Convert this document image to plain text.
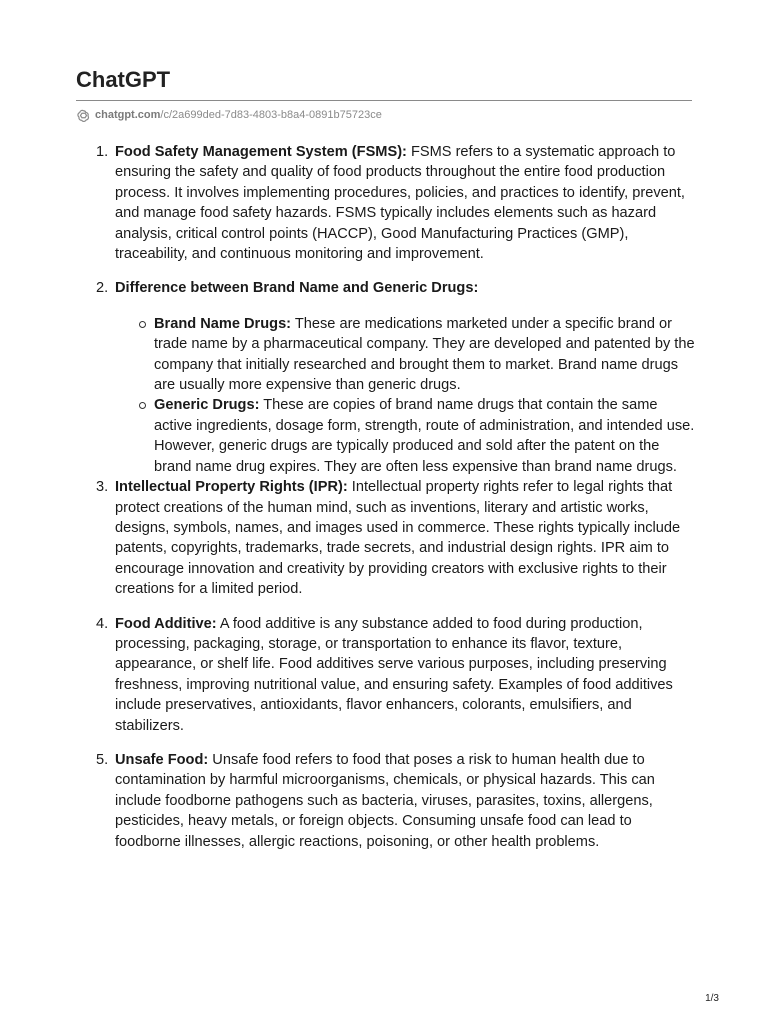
ChatGPT
chatgpt.com /c/2a699ded-7d83-4803-b8a4-0891b75723ce
1. Food Safety Management System (FSMS): FSMS refers to a systematic approach to ensuring the safety and quality of food products throughout the entire food production process. It involves implementing procedures, policies, and practices to identify, prevent, and manage food safety hazards. FSMS typically includes elements such as hazard analysis, critical control points (HACCP), Good Manufacturing Practices (GMP), traceability, and continuous monitoring and improvement.
2. Difference between Brand Name and Generic Drugs:
Brand Name Drugs: These are medications marketed under a specific brand or trade name by a pharmaceutical company. They are developed and patented by the company that initially researched and brought them to market. Brand name drugs are usually more expensive than generic drugs.
Generic Drugs: These are copies of brand name drugs that contain the same active ingredients, dosage form, strength, route of administration, and intended use. However, generic drugs are typically produced and sold after the patent on the brand name drug expires. They are often less expensive than brand name drugs.
3. Intellectual Property Rights (IPR): Intellectual property rights refer to legal rights that protect creations of the human mind, such as inventions, literary and artistic works, designs, symbols, names, and images used in commerce. These rights typically include patents, copyrights, trademarks, trade secrets, and industrial design rights. IPR aim to encourage innovation and creativity by providing creators with exclusive rights to their creations for a limited period.
4. Food Additive: A food additive is any substance added to food during production, processing, packaging, storage, or transportation to enhance its flavor, texture, appearance, or shelf life. Food additives serve various purposes, including preserving freshness, improving nutritional value, and ensuring safety. Examples of food additives include preservatives, antioxidants, flavor enhancers, colorants, emulsifiers, and stabilizers.
5. Unsafe Food: Unsafe food refers to food that poses a risk to human health due to contamination by harmful microorganisms, chemicals, or physical hazards. This can include foodborne pathogens such as bacteria, viruses, parasites, toxins, allergens, pesticides, heavy metals, or foreign objects. Consuming unsafe food can lead to foodborne illnesses, allergic reactions, poisoning, or other health problems.
1/3
